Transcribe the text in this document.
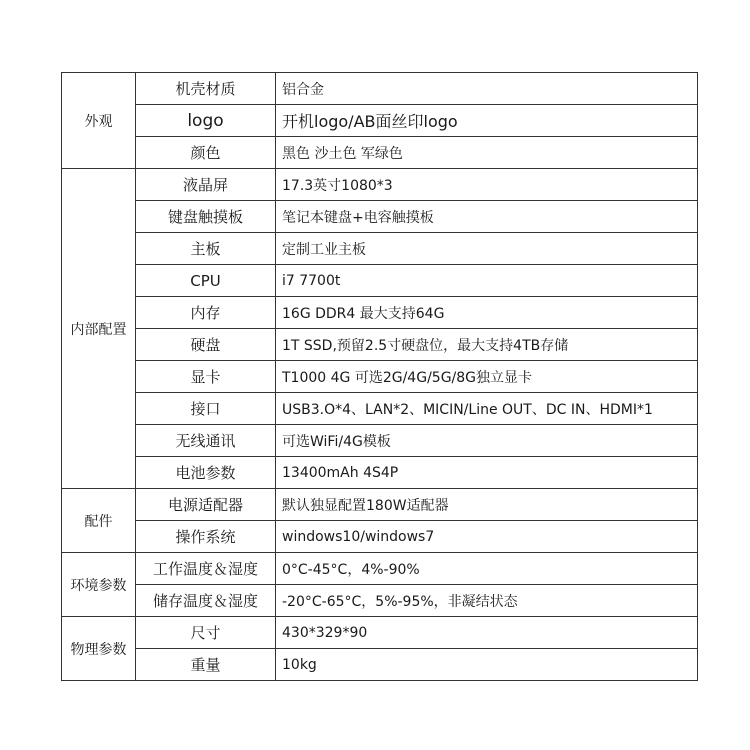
外观	机壳材质	铝合金
	logo	开机logo/AB面丝印logo
	颜色	黑色 沙土色 军绿色
内部配置	液晶屏	17.3英寸1080*3
	键盘触摸板	笔记本键盘+电容触摸板
	主板	定制工业主板
	CPU	i7 7700t
	内存	16G DDR4 最大支持64G
	硬盘	1T SSD,预留2.5寸硬盘位，最大支持4TB存储
	显卡	T1000 4G 可选2G/4G/5G/8G独立显卡
	接口	USB3.O*4、LAN*2、MICIN/Line OUT、DC IN、HDMI*1
	无线通讯	可选WiFi/4G模板
	电池参数	13400mAh 4S4P
配件	电源适配器	默认独显配置180W适配器
	操作系统	windows10/windows7
环境参数	工作温度＆湿度	0°C-45°C，4%-90%
	储存温度＆湿度	-20°C-65°C，5%-95%，非凝结状态
物理参数	尺寸	430*329*90
	重量	10kg
